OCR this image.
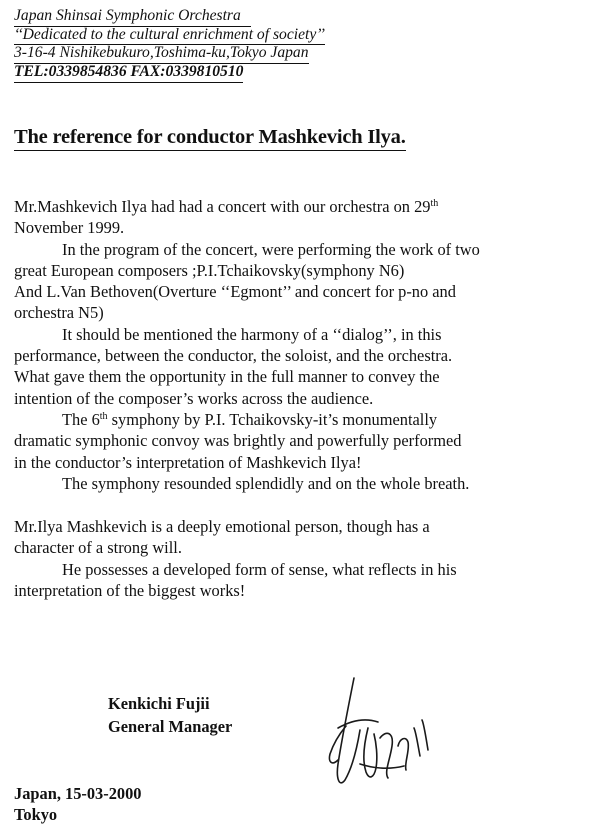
Japan Shinsai Symphonic Orchestra
‘‘Dedicated to the cultural enrichment of society’’
3-16-4 Nishikebukuro,Toshima-ku,Tokyo Japan
TEL:0339854836 FAX:0339810510
The reference for conductor Mashkevich Ilya.
Mr.Mashkevich Ilya had had a concert with our orchestra on 29th
November 1999.
In the program of the concert, were performing the work of two
great European composers ;P.I.Tchaikovsky(symphony N6)
And L.Van Bethoven(Overture ‘‘Egmont’’ and concert for p-no and
orchestra N5)
It should be mentioned the harmony of a ‘‘dialog’’, in this
performance, between the conductor, the soloist, and the orchestra.
What gave them the opportunity in the full manner to convey the
intention of the composer’s works across the audience.
The 6th symphony by P.I. Tchaikovsky-it’s monumentally
dramatic symphonic convoy was brightly and powerfully performed
in the conductor’s interpretation of Mashkevich Ilya!
The symphony resounded splendidly and on the whole breath.
Mr.Ilya Mashkevich is a deeply emotional person, though has a
character of a strong will.
He possesses a developed form of sense, what reflects in his
interpretation of the biggest works!
Kenkichi Fujii
General Manager
Japan, 15-03-2000
Tokyo
